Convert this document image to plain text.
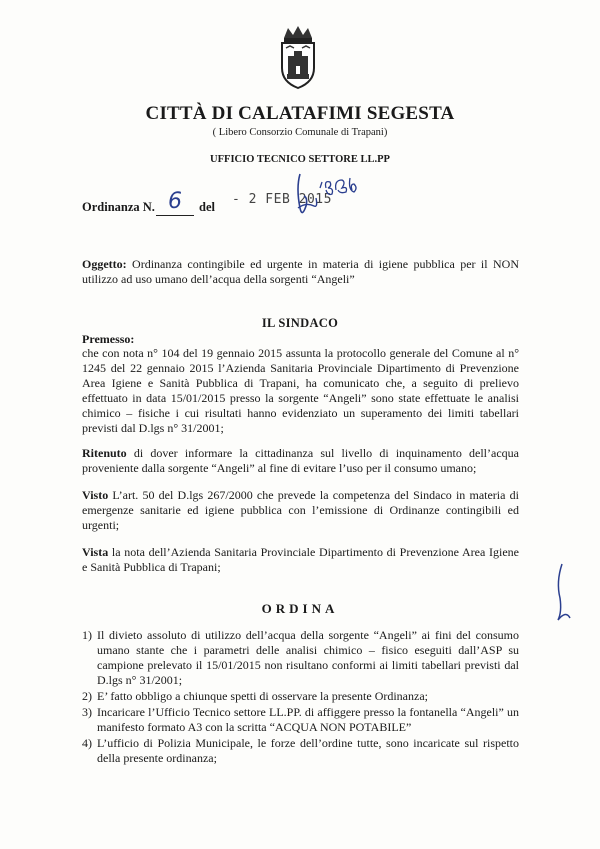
CITTÀ DI CALATAFIMI SEGESTA
( Libero Consorzio Comunale di Trapani)
UFFICIO TECNICO SETTORE LL.PP
Ordinanza N. 6	del - 2 FEB 2015
Oggetto: Ordinanza contingibile ed urgente in materia di igiene pubblica per il NON utilizzo ad uso umano dell’acqua della sorgenti “Angeli”
IL SINDACO
Premesso:
che con nota n° 104 del 19 gennaio 2015 assunta la protocollo generale del Comune al n° 1245 del 22 gennaio 2015 l’Azienda Sanitaria Provinciale Dipartimento di Prevenzione Area Igiene e Sanità Pubblica di Trapani, ha comunicato che, a seguito di prelievo effettuato in data 15/01/2015 presso la sorgente “Angeli” sono state effettuate le analisi chimico – fisiche i cui risultati hanno evidenziato un superamento dei limiti tabellari previsti dal D.lgs n° 31/2001;
Ritenuto di dover informare la cittadinanza sul livello di inquinamento dell’acqua proveniente dalla sorgente “Angeli” al fine di evitare l’uso per il consumo umano;
Visto L’art. 50 del D.lgs 267/2000 che prevede la competenza del Sindaco in materia di emergenze sanitarie ed igiene pubblica con l’emissione di Ordinanze contingibili ed urgenti;
Vista la nota dell’Azienda Sanitaria Provinciale Dipartimento di Prevenzione Area Igiene e Sanità Pubblica di Trapani;
ORDINA
1) Il divieto assoluto di utilizzo dell’acqua della sorgente “Angeli” ai fini del consumo umano stante che i parametri delle analisi chimico – fisico eseguiti dall’ASP su campione prelevato il 15/01/2015 non risultano conformi ai limiti tabellari previsti dal D.lgs n° 31/2001;
2) E’ fatto obbligo a chiunque spetti di osservare la presente Ordinanza;
3) Incaricare l’Ufficio Tecnico settore LL.PP. di affiggere presso la fontanella “Angeli” un manifesto formato A3 con la scritta “ACQUA NON POTABILE”
4) L’ufficio di Polizia Municipale, le forze dell’ordine tutte, sono incaricate sul rispetto della presente ordinanza;
